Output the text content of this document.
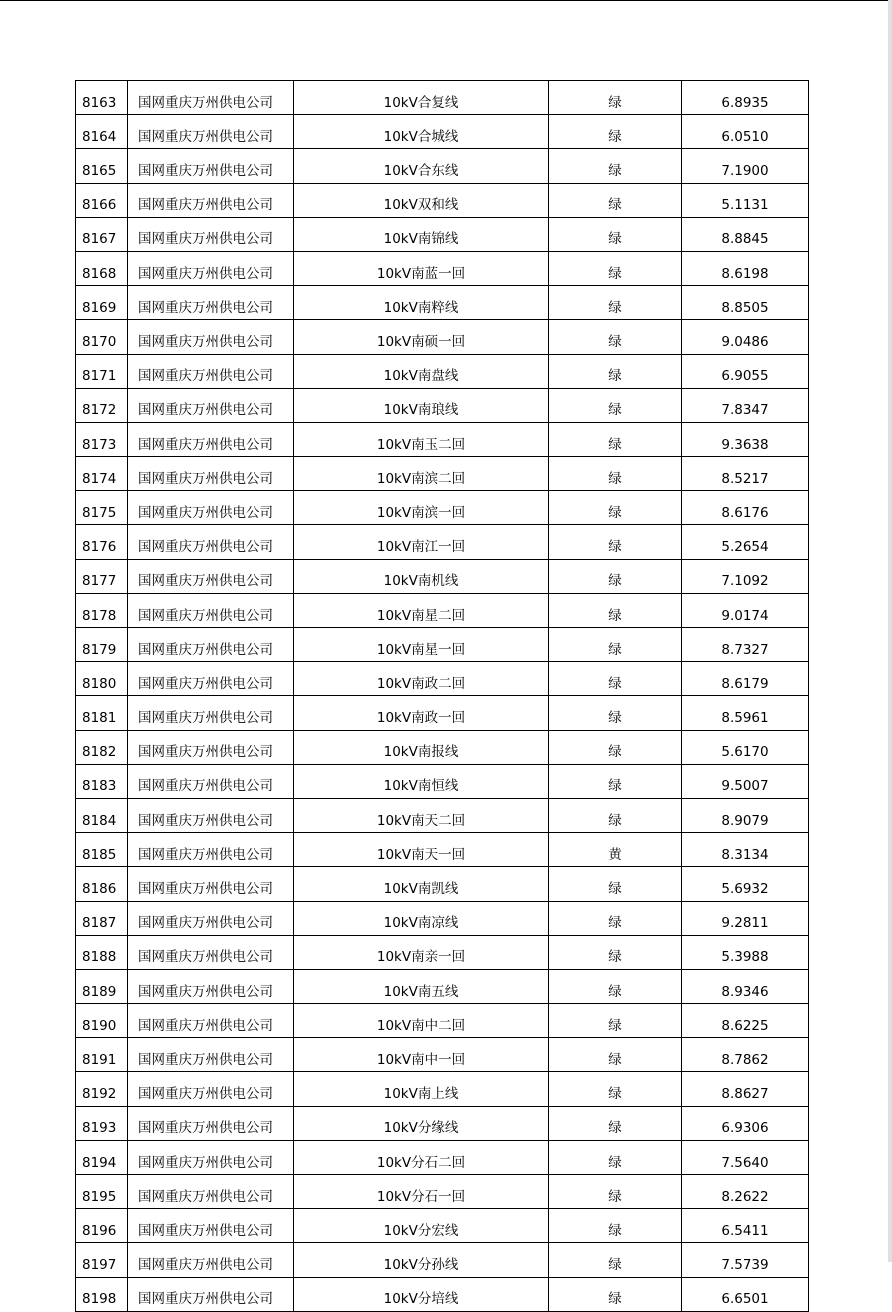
8163	国网重庆万州供电公司	10kV合复线	绿	6.8935
8164	国网重庆万州供电公司	10kV合城线	绿	6.0510
8165	国网重庆万州供电公司	10kV合东线	绿	7.1900
8166	国网重庆万州供电公司	10kV双和线	绿	5.1131
8167	国网重庆万州供电公司	10kV南锦线	绿	8.8845
8168	国网重庆万州供电公司	10kV南蓝一回	绿	8.6198
8169	国网重庆万州供电公司	10kV南粹线	绿	8.8505
8170	国网重庆万州供电公司	10kV南硕一回	绿	9.0486
8171	国网重庆万州供电公司	10kV南盘线	绿	6.9055
8172	国网重庆万州供电公司	10kV南琅线	绿	7.8347
8173	国网重庆万州供电公司	10kV南玉二回	绿	9.3638
8174	国网重庆万州供电公司	10kV南滨二回	绿	8.5217
8175	国网重庆万州供电公司	10kV南滨一回	绿	8.6176
8176	国网重庆万州供电公司	10kV南江一回	绿	5.2654
8177	国网重庆万州供电公司	10kV南机线	绿	7.1092
8178	国网重庆万州供电公司	10kV南星二回	绿	9.0174
8179	国网重庆万州供电公司	10kV南星一回	绿	8.7327
8180	国网重庆万州供电公司	10kV南政二回	绿	8.6179
8181	国网重庆万州供电公司	10kV南政一回	绿	8.5961
8182	国网重庆万州供电公司	10kV南报线	绿	5.6170
8183	国网重庆万州供电公司	10kV南恒线	绿	9.5007
8184	国网重庆万州供电公司	10kV南天二回	绿	8.9079
8185	国网重庆万州供电公司	10kV南天一回	黄	8.3134
8186	国网重庆万州供电公司	10kV南凯线	绿	5.6932
8187	国网重庆万州供电公司	10kV南凉线	绿	9.2811
8188	国网重庆万州供电公司	10kV南亲一回	绿	5.3988
8189	国网重庆万州供电公司	10kV南五线	绿	8.9346
8190	国网重庆万州供电公司	10kV南中二回	绿	8.6225
8191	国网重庆万州供电公司	10kV南中一回	绿	8.7862
8192	国网重庆万州供电公司	10kV南上线	绿	8.8627
8193	国网重庆万州供电公司	10kV分缘线	绿	6.9306
8194	国网重庆万州供电公司	10kV分石二回	绿	7.5640
8195	国网重庆万州供电公司	10kV分石一回	绿	8.2622
8196	国网重庆万州供电公司	10kV分宏线	绿	6.5411
8197	国网重庆万州供电公司	10kV分孙线	绿	7.5739
8198	国网重庆万州供电公司	10kV分培线	绿	6.6501
